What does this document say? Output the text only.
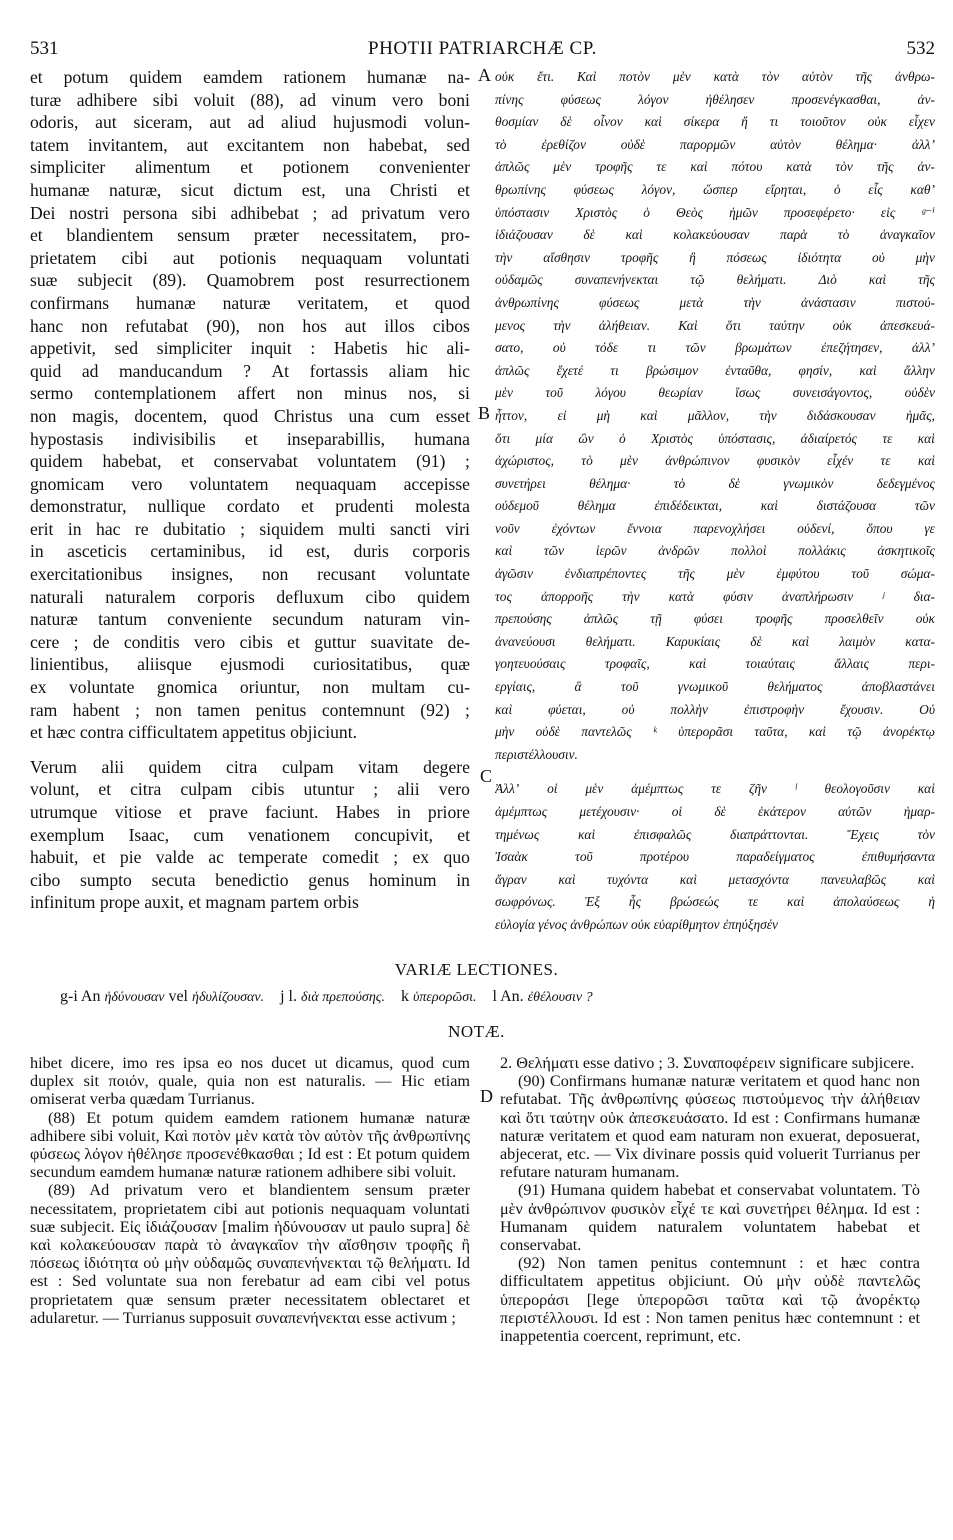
531	PHOTII PATRIARCHÆ CP.	532
et potum quidem eamdem rationem humanæ na-
turæ adhibere sibi voluit (88), ad vinum vero boni
odoris, aut siceram, aut ad aliud hujusmodi volun-
tatem invitantem, aut excitantem non habebat, sed
simpliciter alimentum et potionem convenienter
humanæ naturæ, sicut dictum est, una Christi et
Dei nostri persona sibi adhibebat ; ad privatum vero
et blandientem sensum præter necessitatem, pro-
prietatem cibi aut potionis nequaquam voluntati
suæ subjecit (89). Quamobrem post resurrectionem
confirmans humanæ naturæ veritatem, et quod
hanc non refutabat (90), non hos aut illos cibos
appetivit, sed simpliciter inquit : Habetis hic ali-
quid ad manducandum ? At fortassis aliam hic
sermo contemplationem affert non minus nos, si
non magis, docentem, quod Christus una cum esset
hypostasis indivisibilis et inseparabillis, humana
quidem habebat, et conservabat voluntatem (91) ;
gnomicam vero voluntatem nequaquam accepisse
demonstratur, nullique cordato et prudenti molesta
erit in hac re dubitatio ; siquidem multi sancti viri
in asceticis certaminibus, id est, duris corporis
exercitationibus insignes, non recusant voluntate
naturali naturalem corporis defluxum cibo quidem
naturæ tantum conveniente secundum naturam vin-
cere ; de conditis vero cibis et guttur suavitate de-
linientibus, aliisque ejusmodi curiositatibus, quæ
ex voluntate gnomica oriuntur, non multam cu-
ram habent ; non tamen penitus contemnunt (92) ;
et hæc contra cifficultatem appetitus objiciunt.
Verum alii quidem citra culpam vitam degere
volunt, et citra culpam cibis utuntur ; alii vero
utrumque vitiose et prave faciunt. Habes in priore
exemplum Isaac, cum venationem concupivit, et
habuit, et pie valde ac temperate comedit ; ex quo
cibo sumpto secuta benedictio genus hominum in
infinitum prope auxit, et magnam partem orbis
οὐκ ἔτι. Καὶ ποτὸν μὲν κατὰ τὸν αὐτὸν τῆς ἀνθρω-
πίνης	φύσεως	λόγον	ἠθέλησεν	προσενέγκασθαι,	ἀν-
θοσμίαν δὲ οἶνον καὶ σίκερα ἤ τι τοιοῦτον οὐκ εἶχεν
τὸ	ἐρεθίζον	οὐδὲ	παρορμῶν	αὐτὸν	θέλημα·	ἀλλ’
ἁπλῶς μὲν τροφῆς τε καὶ πότου κατὰ τὸν τῆς ἀν-
θρωπίνης φύσεως λόγον, ὥσπερ εἴρηται, ὁ εἷς καθ’
ὑπόστασιν Χριστὸς ὁ Θεὸς ἡμῶν προσεφέρετο· εἰς ᵍ⁻ⁱ
ἰδιάζουσαν δὲ καὶ κολακεύουσαν παρὰ τὸ ἀναγκαῖον
τὴν αἴσθησιν τροφῆς ἢ πόσεως ἰδιότητα οὐ μὴν
οὐδαμῶς συναπενήνεκται τῷ θελήματι. Διὸ καὶ τῆς
ἀνθρωπίνης	φύσεως	μετὰ	τὴν	ἀνάστασιν	πιστού-
μενος τὴν ἀλήθειαν. Καὶ ὅτι ταύτην οὐκ ἀπεσκευά-
σατο, οὐ τόδε τι τῶν βρωμάτων ἐπεζήτησεν, ἀλλ’
ἁπλῶς ἔχετέ τι βρώσιμον ἐνταῦθα, φησίν, καὶ ἄλλην
μὲν τοῦ λόγου θεωρίαν ἴσως συνεισάγοντος, οὐδὲν
ἧττον, εἰ μὴ καὶ μᾶλλον, τὴν διδάσκουσαν ἡμᾶς,
ὅτι μία ὢν ὁ Χριστὸς ὑπόστασις, ἀδιαίρετός τε καὶ
ἀχώριστος, τὸ μὲν ἀνθρώπινον φυσικὸν εἶχέν τε καὶ
συνετήρει	θέλημα·	τὸ	δὲ	γνωμικὸν	δεδεγμένος
οὐδεμοῦ	θέλημα	ἐπιδέδεικται,	καὶ	διστάζουσα	τῶν
νοῦν ἐχόντων ἔννοια παρενοχλήσει οὐδενί, ὅπου γε
καὶ τῶν ἱερῶν ἀνδρῶν πολλοὶ πολλάκις ἀσκητικοῖς
ἀγῶσιν ἐνδιαπρέποντες τῆς μὲν ἐμφύτου τοῦ σώμα-
τος ἀπορροῆς τὴν κατὰ φύσιν ἀναπλήρωσιν ʲ δια-
πρεπούσης ἁπλῶς τῇ φύσει τροφῆς προσελθεῖν οὐκ
ἀνανεύουσι θελήματι. Καρυκίαις δὲ καὶ λαιμὸν κατα-
γοητευούσαις	τροφαῖς,	καὶ	τοιαύταις	ἄλλαις	περι-
εργίαις,	ἃ	τοῦ	γνωμικοῦ	θελήματος	ἀποβλαστάνει
καὶ	φύεται,	οὐ	πολλὴν	ἐπιστροφὴν	ἔχουσιν.	Οὐ
μὴν οὐδὲ παντελῶς ᵏ ὑπερορᾶσι ταῦτα, καὶ τῷ ἀνορέκτῳ
περιστέλλουσιν.
Ἀλλ’ οἱ μὲν ἀμέμπτως τε ζῆν ˡ θεολογοῦσιν καὶ
ἀμέμπτως μετέχουσιν· οἱ δὲ ἑκάτερον αὐτῶν ἡμαρ-
τημένως	καὶ	ἐπισφαλῶς	διαπράττονται.	Ἔχεις	τὸν
Ἰσαὰκ	τοῦ	προτέρου	παραδείγματος	ἐπιθυμήσαντα
ἄγραν καὶ τυχόντα καὶ μετασχόντα πανευλαβῶς καὶ
σωφρόνως. Ἐξ ἧς βρώσεώς τε καὶ ἀπολαύσεως ἡ
εὐλογία γένος ἀνθρώπων οὐκ εὐαρίθμητον ἐπηύξησέν
A
B
C
D
VARIÆ LECTIONES.
g-i An ἠδύνουσαν vel ἡδυλίζουσαν. j l. διὰ πρεπούσης. k ὑπερορῶσι. l An. ἐθέλουσιν ?
NOTÆ.

hibet dicere, imo res ipsa eo nos ducet ut dicamus, quod cum duplex sit ποιόν, quale, quia non est naturalis. — Hic etiam omiserat verba quædam Turrianus.

(88) Et potum quidem eamdem rationem humanæ naturæ adhibere sibi voluit, Καὶ ποτὸν μὲν κατὰ τὸν αὐτὸν τῆς ἀνθρωπίνης φύσεως λόγον ἠθέλησε προσενέθκασθαι ; Id est : Et potum quidem secundum eamdem humanæ naturæ rationem adhibere sibi voluit.

(89) Ad privatum vero et blandientem sensum præter necessitatem, proprietatem cibi aut potionis nequaquam voluntati suæ subjecit. Εἰς ἰδιάζουσαν [malim ἡδύνουσαν ut paulo supra] δὲ καὶ κολακεύουσαν παρὰ τὸ ἀναγκαῖον τὴν αἴσθησιν τροφῆς ἢ πόσεως ἰδιότητα οὐ μὴν οὐδαμῶς συναπενήνεκται τῷ θελήματι. Id est : Sed voluntate sua non ferebatur ad eam cibi vel potus proprietatem quæ sensum præter necessitatem oblectaret et adularetur. — Turrianus supposuit συναπενήνεκται esse activum ;

2. Θελήματι esse dativo ; 3. Συναποφέρειν significare subjicere.

(90) Confirmans humanæ naturæ veritatem et quod hanc non refutabat. Τῆς ἀνθρωπίνης φύσεως πιστούμενος τὴν ἀλήθειαν καὶ ὅτι ταύτην οὐκ ἀπεσκευάσατο. Id est : Confirmans humanæ naturæ veritatem et quod eam naturam non exuerat, deposuerat, abjecerat, etc. — Vix divinare possis quid voluerit Turrianus per refutare naturam humanam.

(91) Humana quidem habebat et conservabat voluntatem. Τὸ μὲν ἀνθρώπινον φυσικὸν εἶχέ τε καὶ συνετήρει θέλημα. Id est : Humanam quidem naturalem voluntatem habebat et conservabat.

(92) Non tamen penitus contemnunt : et hæc contra difficultatem appetitus objiciunt. Οὐ μὴν οὐδὲ παντελῶς ὑπεροράσι [lege ὑπερορῶσι ταῦτα καὶ τῷ ἀνορέκτῳ περιστέλλουσι. Id est : Non tamen penitus hæc contemnunt : et inappetentia coercent, reprimunt, etc.
